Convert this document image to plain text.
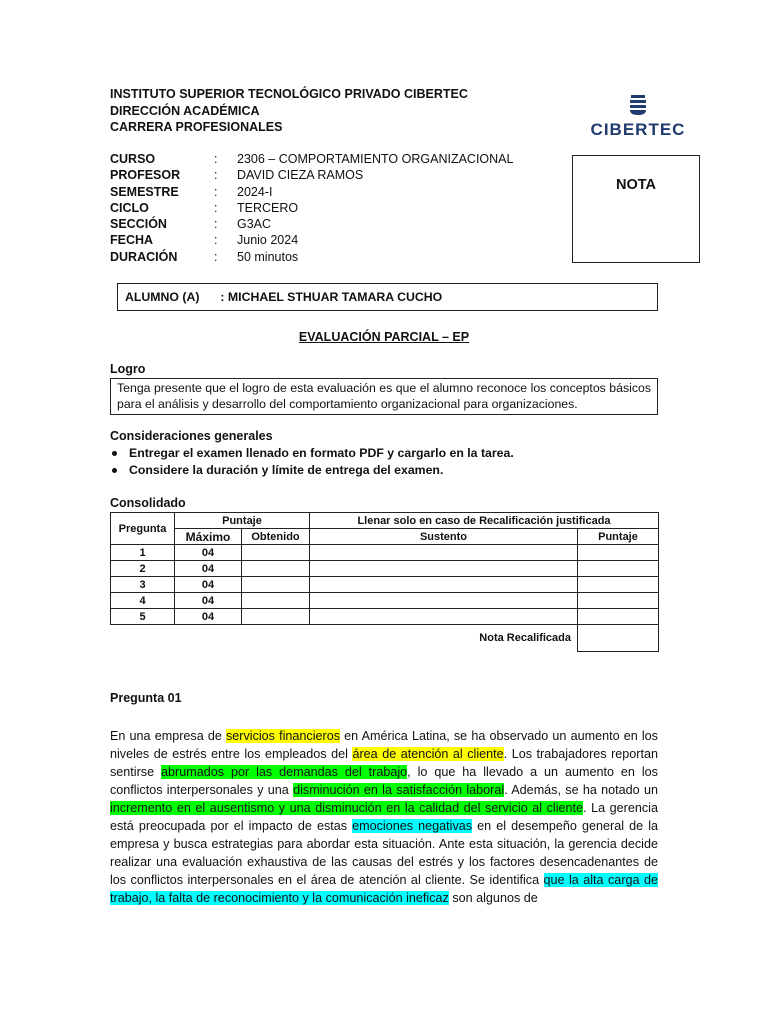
INSTITUTO SUPERIOR TECNOLÓGICO PRIVADO CIBERTEC
DIRECCIÓN ACADÉMICA
CARRERA PROFESIONALES	CIBERTEC
CURSO	:	2306 – COMPORTAMIENTO ORGANIZACIONAL
PROFESOR	:	DAVID CIEZA RAMOS
SEMESTRE	:	2024-I
CICLO	:	TERCERO
SECCIÓN	:	G3AC
FECHA	:	Junio 2024
DURACIÓN	:	50 minutos
NOTA
ALUMNO (A) : MICHAEL STHUAR TAMARA CUCHO
EVALUACIÓN PARCIAL – EP
Logro
Tenga presente que el logro de esta evaluación es que el alumno reconoce los conceptos básicos para el análisis y desarrollo del comportamiento organizacional para organizaciones.
Consideraciones generales
Entregar el examen llenado en formato PDF y cargarlo en la tarea.
Considere la duración y límite de entrega del examen.
Consolidado
Pregunta	Puntaje		Llenar solo en caso de Recalificación justificada	
	Máximo	Obtenido	Sustento	Puntaje
1	04			
2	04			
3	04			
4	04			
5	04			
Nota Recalificada				
Pregunta 01
En una empresa de servicios financieros en América Latina, se ha observado un aumento en los niveles de estrés entre los empleados del área de atención al cliente. Los trabajadores reportan sentirse abrumados por las demandas del trabajo, lo que ha llevado a un aumento en los conflictos interpersonales y una disminución en la satisfacción laboral. Además, se ha notado un incremento en el ausentismo y una disminución en la calidad del servicio al cliente. La gerencia está preocupada por el impacto de estas emociones negativas en el desempeño general de la empresa y busca estrategias para abordar esta situación. Ante esta situación, la gerencia decide realizar una evaluación exhaustiva de las causas del estrés y los factores desencadenantes de los conflictos interpersonales en el área de atención al cliente. Se identifica que la alta carga de trabajo, la falta de reconocimiento y la comunicación ineficaz son algunos de
